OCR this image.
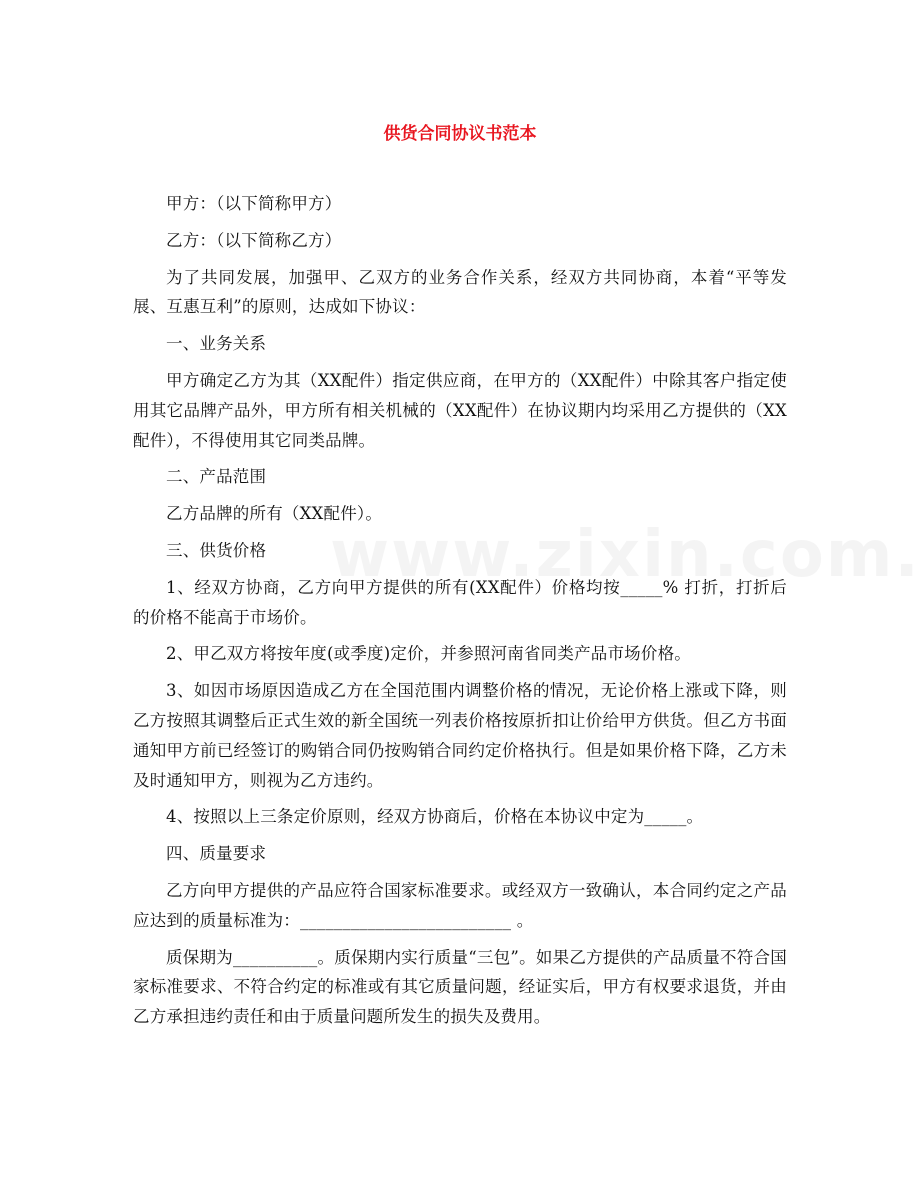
供货合同协议书范本

甲方：（以下简称甲方）

乙方：（以下简称乙方）

为了共同发展，加强甲、乙双方的业务合作关系，经双方共同协商，本着“平等发展、互惠互利”的原则，达成如下协议：

一、业务关系

甲方确定乙方为其（XX配件）指定供应商，在甲方的（XX配件）中除其客户指定使用其它品牌产品外，甲方所有相关机械的（XX配件）在协议期内均采用乙方提供的（XX配件），不得使用其它同类品牌。

二、产品范围

乙方品牌的所有（XX配件）。

三、供货价格

1、经双方协商，乙方向甲方提供的所有(XX配件）价格均按_____% 打折，打折后的价格不能高于市场价。

2、甲乙双方将按年度(或季度)定价，并参照河南省同类产品市场价格。

3、如因市场原因造成乙方在全国范围内调整价格的情况，无论价格上涨或下降，则乙方按照其调整后正式生效的新全国统一列表价格按原折扣让价给甲方供货。但乙方书面通知甲方前已经签订的购销合同仍按购销合同约定价格执行。但是如果价格下降，乙方未及时通知甲方，则视为乙方违约。

4、按照以上三条定价原则，经双方协商后，价格在本协议中定为_____。

四、质量要求

乙方向甲方提供的产品应符合国家标准要求。或经双方一致确认，本合同约定之产品应达到的质量标准为：_________________________ 。

质保期为__________。质保期内实行质量“三包”。如果乙方提供的产品质量不符合国家标准要求、不符合约定的标准或有其它质量问题，经证实后，甲方有权要求退货，并由乙方承担违约责任和由于质量问题所发生的损失及费用。
